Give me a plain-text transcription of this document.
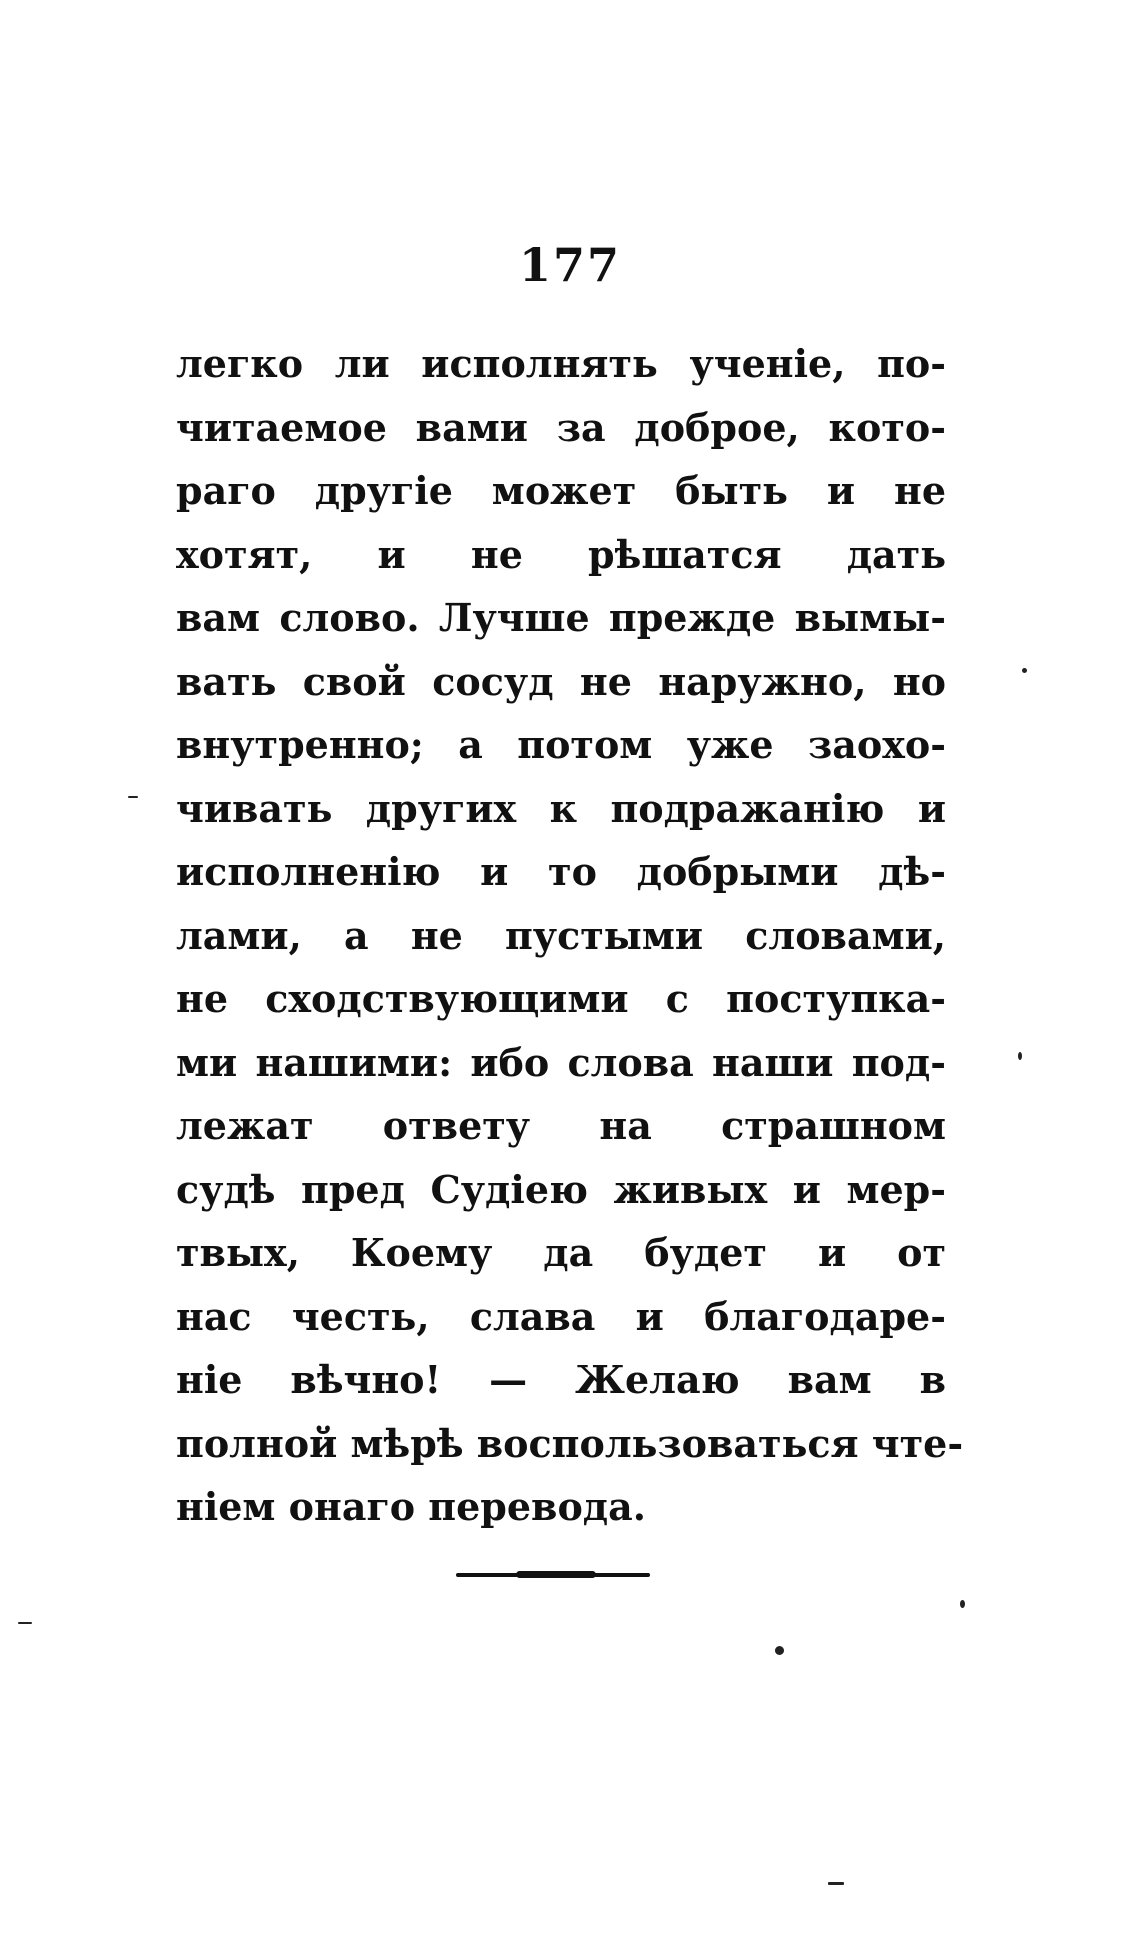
177
легко ли исполнять ученіе, по-
читаемое вами за доброе, кото-
раго другіе может быть и не
хотят, и не рѣшатся дать
вам слово. Лучше прежде вымы-
вать свой сосуд не наружно, но
внутренно; а потом уже заохо-
чивать других к подражанію и
исполненію и то добрыми дѣ-
лами, а не пустыми словами,
не сходствующими с поступка-
ми нашими: ибо слова наши под-
лежат ответу на страшном
судѣ пред Судіею живых и мер-
твых, Коему да будет и от
нас честь, слава и благодаре-
ніе вѣчно! — Желаю вам в
полной мѣрѣ воспользоваться чте-
ніем онаго перевода.
